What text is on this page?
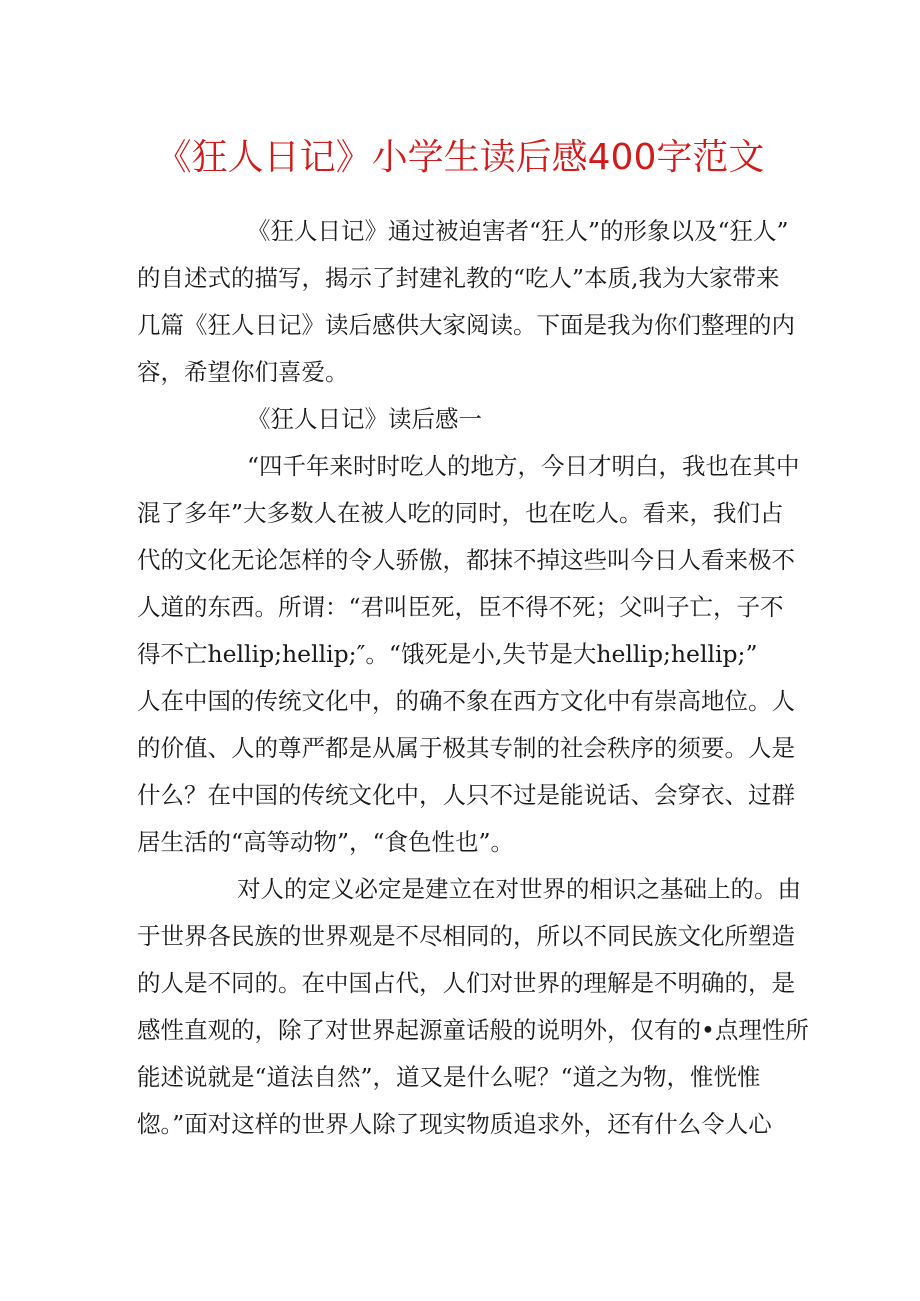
《狂人日记》小学生读后感400字范文
《狂人日记》通过被迫害者“狂人”的形象以及“狂人”
的自述式的描写，揭示了封建礼教的“吃人”本质,我为大家带来
几篇《狂人日记》读后感供大家阅读。下面是我为你们整理的内
容，希望你们喜爱。
《狂人日记》读后感一
“四千年来时时吃人的地方，今日才明白，我也在其中
混了多年”大多数人在被人吃的同时，也在吃人。看来，我们占
代的文化无论怎样的令人骄傲，都抹不掉这些叫今日人看来极不
人道的东西。所谓：“君叫臣死，臣不得不死；父叫子亡，子不
得不亡hellip;hellip;″。“饿死是小,失节是大hellip;hellip;”
人在中国的传统文化中，的确不象在西方文化中有崇高地位。人
的价值、人的尊严都是从属于极其专制的社会秩序的须要。人是
什么？在中国的传统文化中，人只不过是能说话、会穿衣、过群
居生活的“高等动物”，“食色性也”。
对人的定义必定是建立在对世界的相识之基础上的。由
于世界各民族的世界观是不尽相同的，所以不同民族文化所塑造
的人是不同的。在中国占代，人们对世界的理解是不明确的，是
感性直观的，除了对世界起源童话般的说明外，仅有的•点理性所
能述说就是“道法自然”，道又是什么呢？“道之为物，惟恍惟
惚。”面对这样的世界人除了现实物质追求外，还有什么令人心
